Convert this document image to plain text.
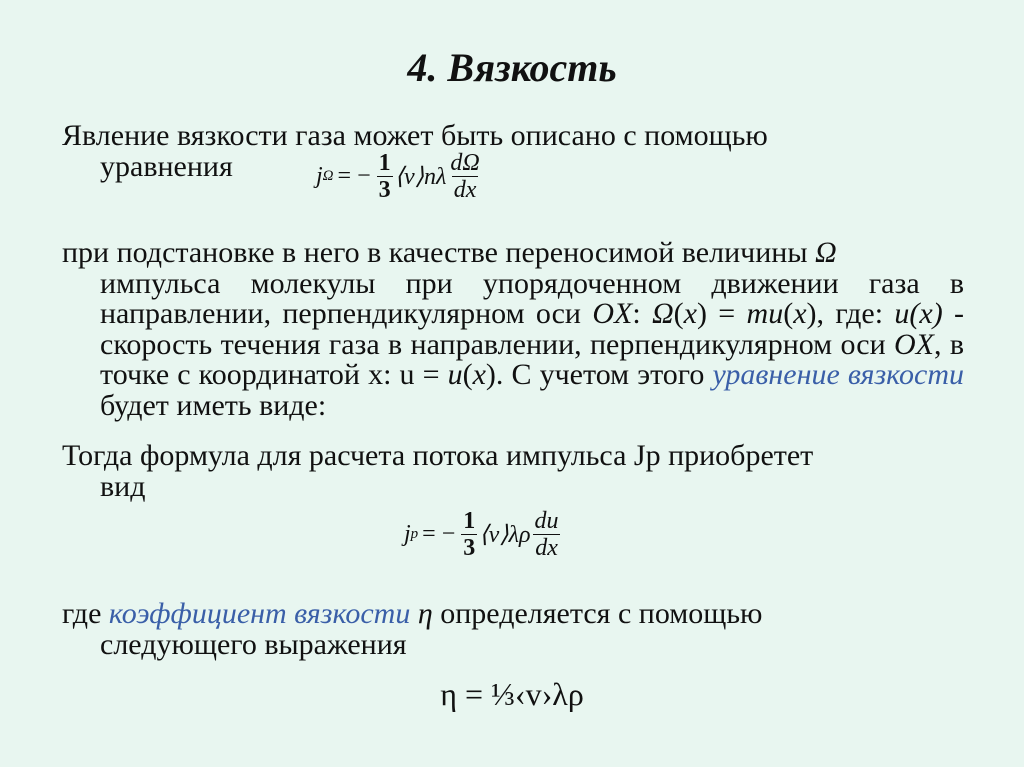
4. Вязкость
Явление вязкости газа может быть описано с помощью
уравнения	j Ω = − $\frac{1}{3}$ ⟨v⟩nλ $\frac{d\Omega}{dx}$
при подстановке в него в качестве переносимой величины Ω
импульса молекулы при упорядоченном движении газа в направлении, перпендикулярном оси OX: Ω(x) = mu(x), где: u(x) - скорость течения газа в направлении, перпендикулярном оси OX, в точке с координатой x: u = u(x). С учетом этого уравнение вязкости будет иметь виде:
Тогда формула для расчета потока импульса Jp приобретет
вид
j p = − $\frac{1}{3}$ ⟨v⟩λρ $\frac{du}{dx}$
где коэффициент вязкости η определяется с помощью
следующего выражения
η = ⅓‹v›λρ
